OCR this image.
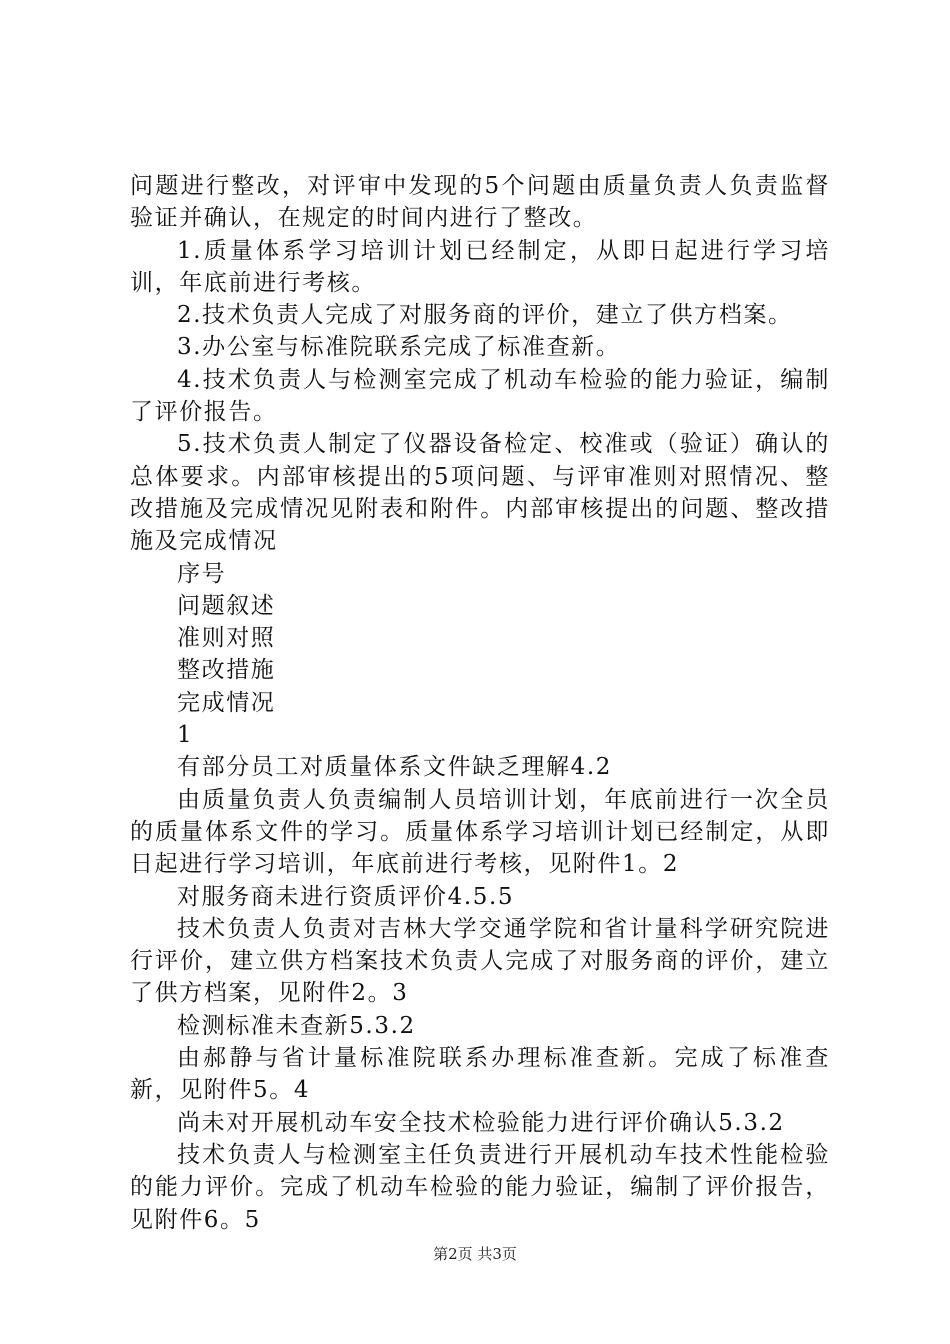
问题进行整改，对评审中发现的5个问题由质量负责人负责监督验证并确认，在规定的时间内进行了整改。

1.质量体系学习培训计划已经制定，从即日起进行学习培训，年底前进行考核。

2.技术负责人完成了对服务商的评价，建立了供方档案。

3.办公室与标准院联系完成了标准查新。

4.技术负责人与检测室完成了机动车检验的能力验证，编制了评价报告。

5.技术负责人制定了仪器设备检定、校准或（验证）确认的总体要求。内部审核提出的5项问题、与评审准则对照情况、整改措施及完成情况见附表和附件。内部审核提出的问题、整改措施及完成情况

序号

问题叙述

准则对照

整改措施

完成情况

1

有部分员工对质量体系文件缺乏理解4.2

由质量负责人负责编制人员培训计划，年底前进行一次全员的质量体系文件的学习。质量体系学习培训计划已经制定，从即日起进行学习培训，年底前进行考核，见附件1。2

对服务商未进行资质评价4.5.5

技术负责人负责对吉林大学交通学院和省计量科学研究院进行评价，建立供方档案技术负责人完成了对服务商的评价，建立了供方档案，见附件2。3

检测标准未查新5.3.2

由郝静与省计量标准院联系办理标准查新。完成了标准查新，见附件5。4

尚未对开展机动车安全技术检验能力进行评价确认5.3.2

技术负责人与检测室主任负责进行开展机动车技术性能检验的能力评价。完成了机动车检验的能力验证，编制了评价报告，见附件6。5

第2页 共3页
